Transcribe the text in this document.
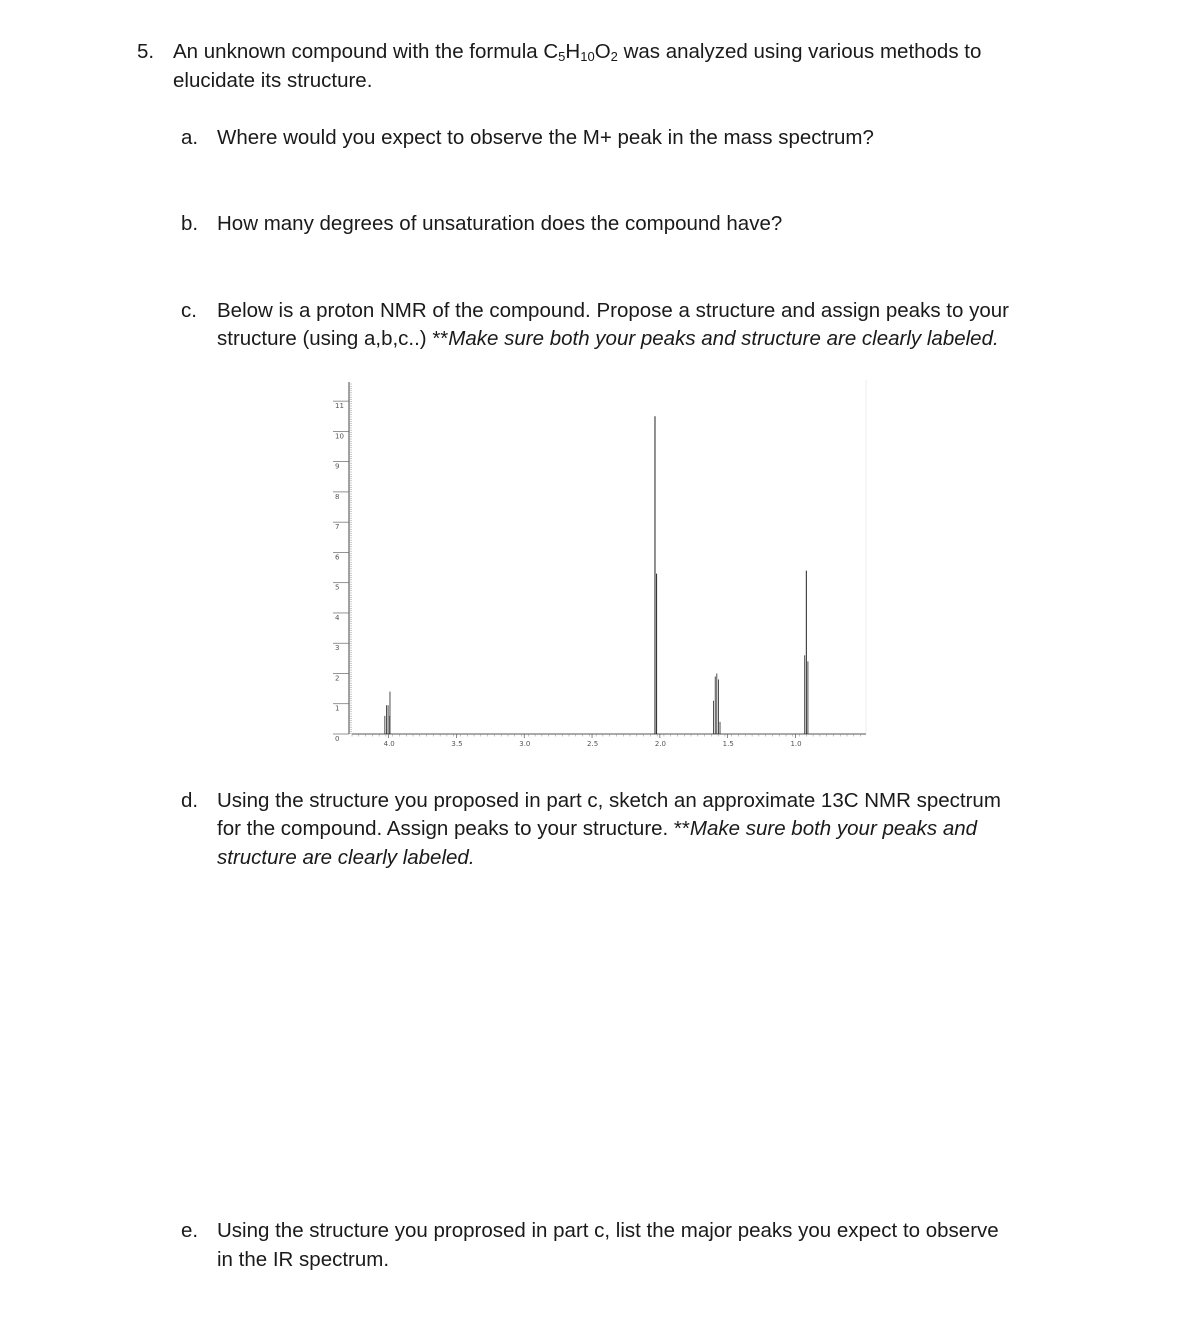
5. An unknown compound with the formula $C_5H_{10}O_2$ was analyzed using various methods to
elucidate its structure.
a. Where would you expect to observe the M+ peak in the mass spectrum?
b. How many degrees of unsaturation does the compound have?
c. Below is a proton NMR of the compound. Propose a structure and assign peaks to your
structure (using a,b,c..) **Make sure both your peaks and structure are clearly labeled.
0
1
2
3
4
5
6
7
8
9
10
11
4.0	3.5	3.0	2.5	2.0	1.5	1.0
d. Using the structure you proposed in part c, sketch an approximate 13C NMR spectrum
for the compound. Assign peaks to your structure. **Make sure both your peaks and
structure are clearly labeled.
e. Using the structure you proprosed in part c, list the major peaks you expect to observe
in the IR spectrum.
